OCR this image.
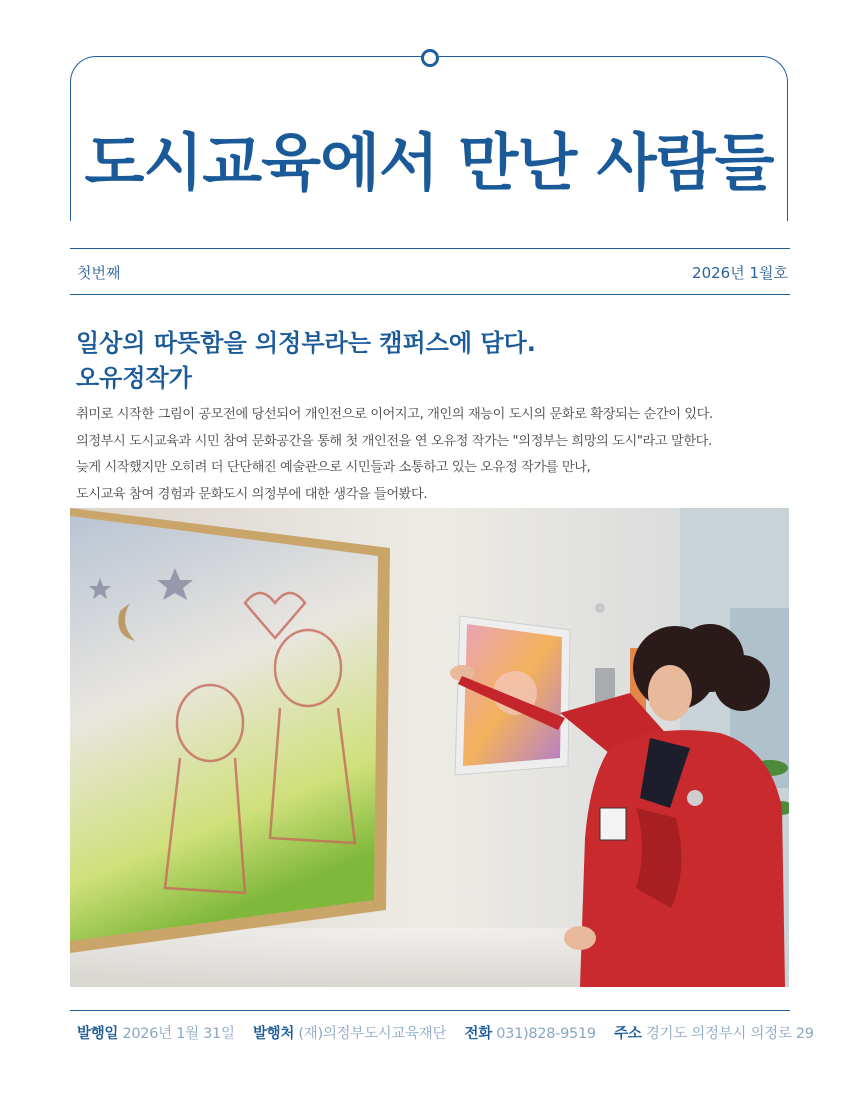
도시교육에서 만난 사람들
첫번째	2026년 1월호
일상의 따뜻함을 의정부라는 캠퍼스에 담다.
오유정작가

취미로 시작한 그림이 공모전에 당선되어 개인전으로 이어지고, 개인의 재능이 도시의 문화로 확장되는 순간이 있다.

의정부시 도시교육과 시민 참여 문화공간을 통해 첫 개인전을 연 오유정 작가는 "의정부는 희망의 도시"라고 말한다.

늦게 시작했지만 오히려 더 단단해진 예술관으로 시민들과 소통하고 있는 오유정 작가를 만나,

도시교육 참여 경험과 문화도시 의정부에 대한 생각을 들어봤다.

발행일 2026년 1월 31일 발행처 (재)의정부도시교육재단 전화 031)828-9519 주소 경기도 의정부시 의정로 29
